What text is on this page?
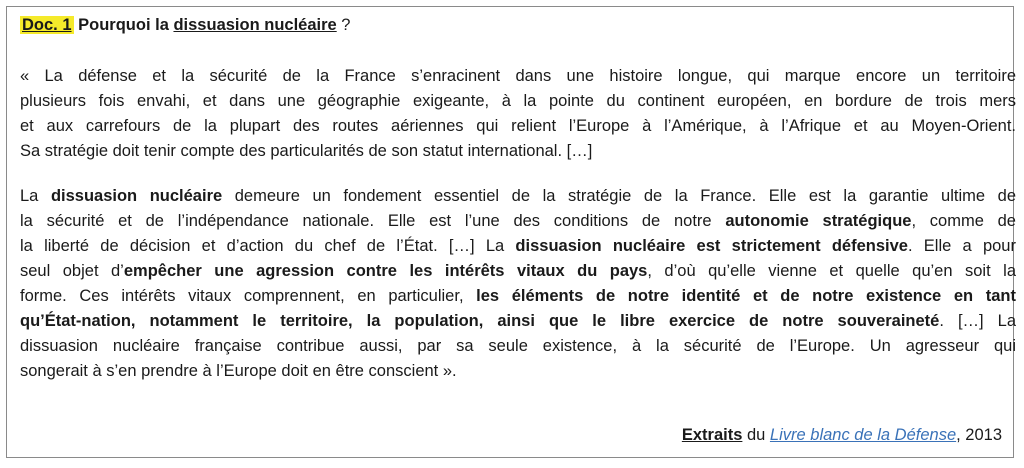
Doc. 1 Pourquoi la dissuasion nucléaire ?
« La défense et la sécurité de la France s’enracinent dans une histoire longue, qui marque encore un territoire
plusieurs fois envahi, et dans une géographie exigeante, à la pointe du continent européen, en bordure de trois mers
et aux carrefours de la plupart des routes aériennes qui relient l’Europe à l’Amérique, à l’Afrique et au Moyen-Orient.
Sa stratégie doit tenir compte des particularités de son statut international. […]
La dissuasion nucléaire demeure un fondement essentiel de la stratégie de la France. Elle est la garantie ultime de
la sécurité et de l’indépendance nationale. Elle est l’une des conditions de notre autonomie stratégique, comme de
la liberté de décision et d’action du chef de l’État. […] La dissuasion nucléaire est strictement défensive. Elle a pour
seul objet d’empêcher une agression contre les intérêts vitaux du pays, d’où qu’elle vienne et quelle qu’en soit la
forme. Ces intérêts vitaux comprennent, en particulier, les éléments de notre identité et de notre existence en tant
qu’État-nation, notamment le territoire, la population, ainsi que le libre exercice de notre souveraineté. […] La
dissuasion nucléaire française contribue aussi, par sa seule existence, à la sécurité de l’Europe. Un agresseur qui
songerait à s’en prendre à l’Europe doit en être conscient ».
Extraits du Livre blanc de la Défense, 2013
